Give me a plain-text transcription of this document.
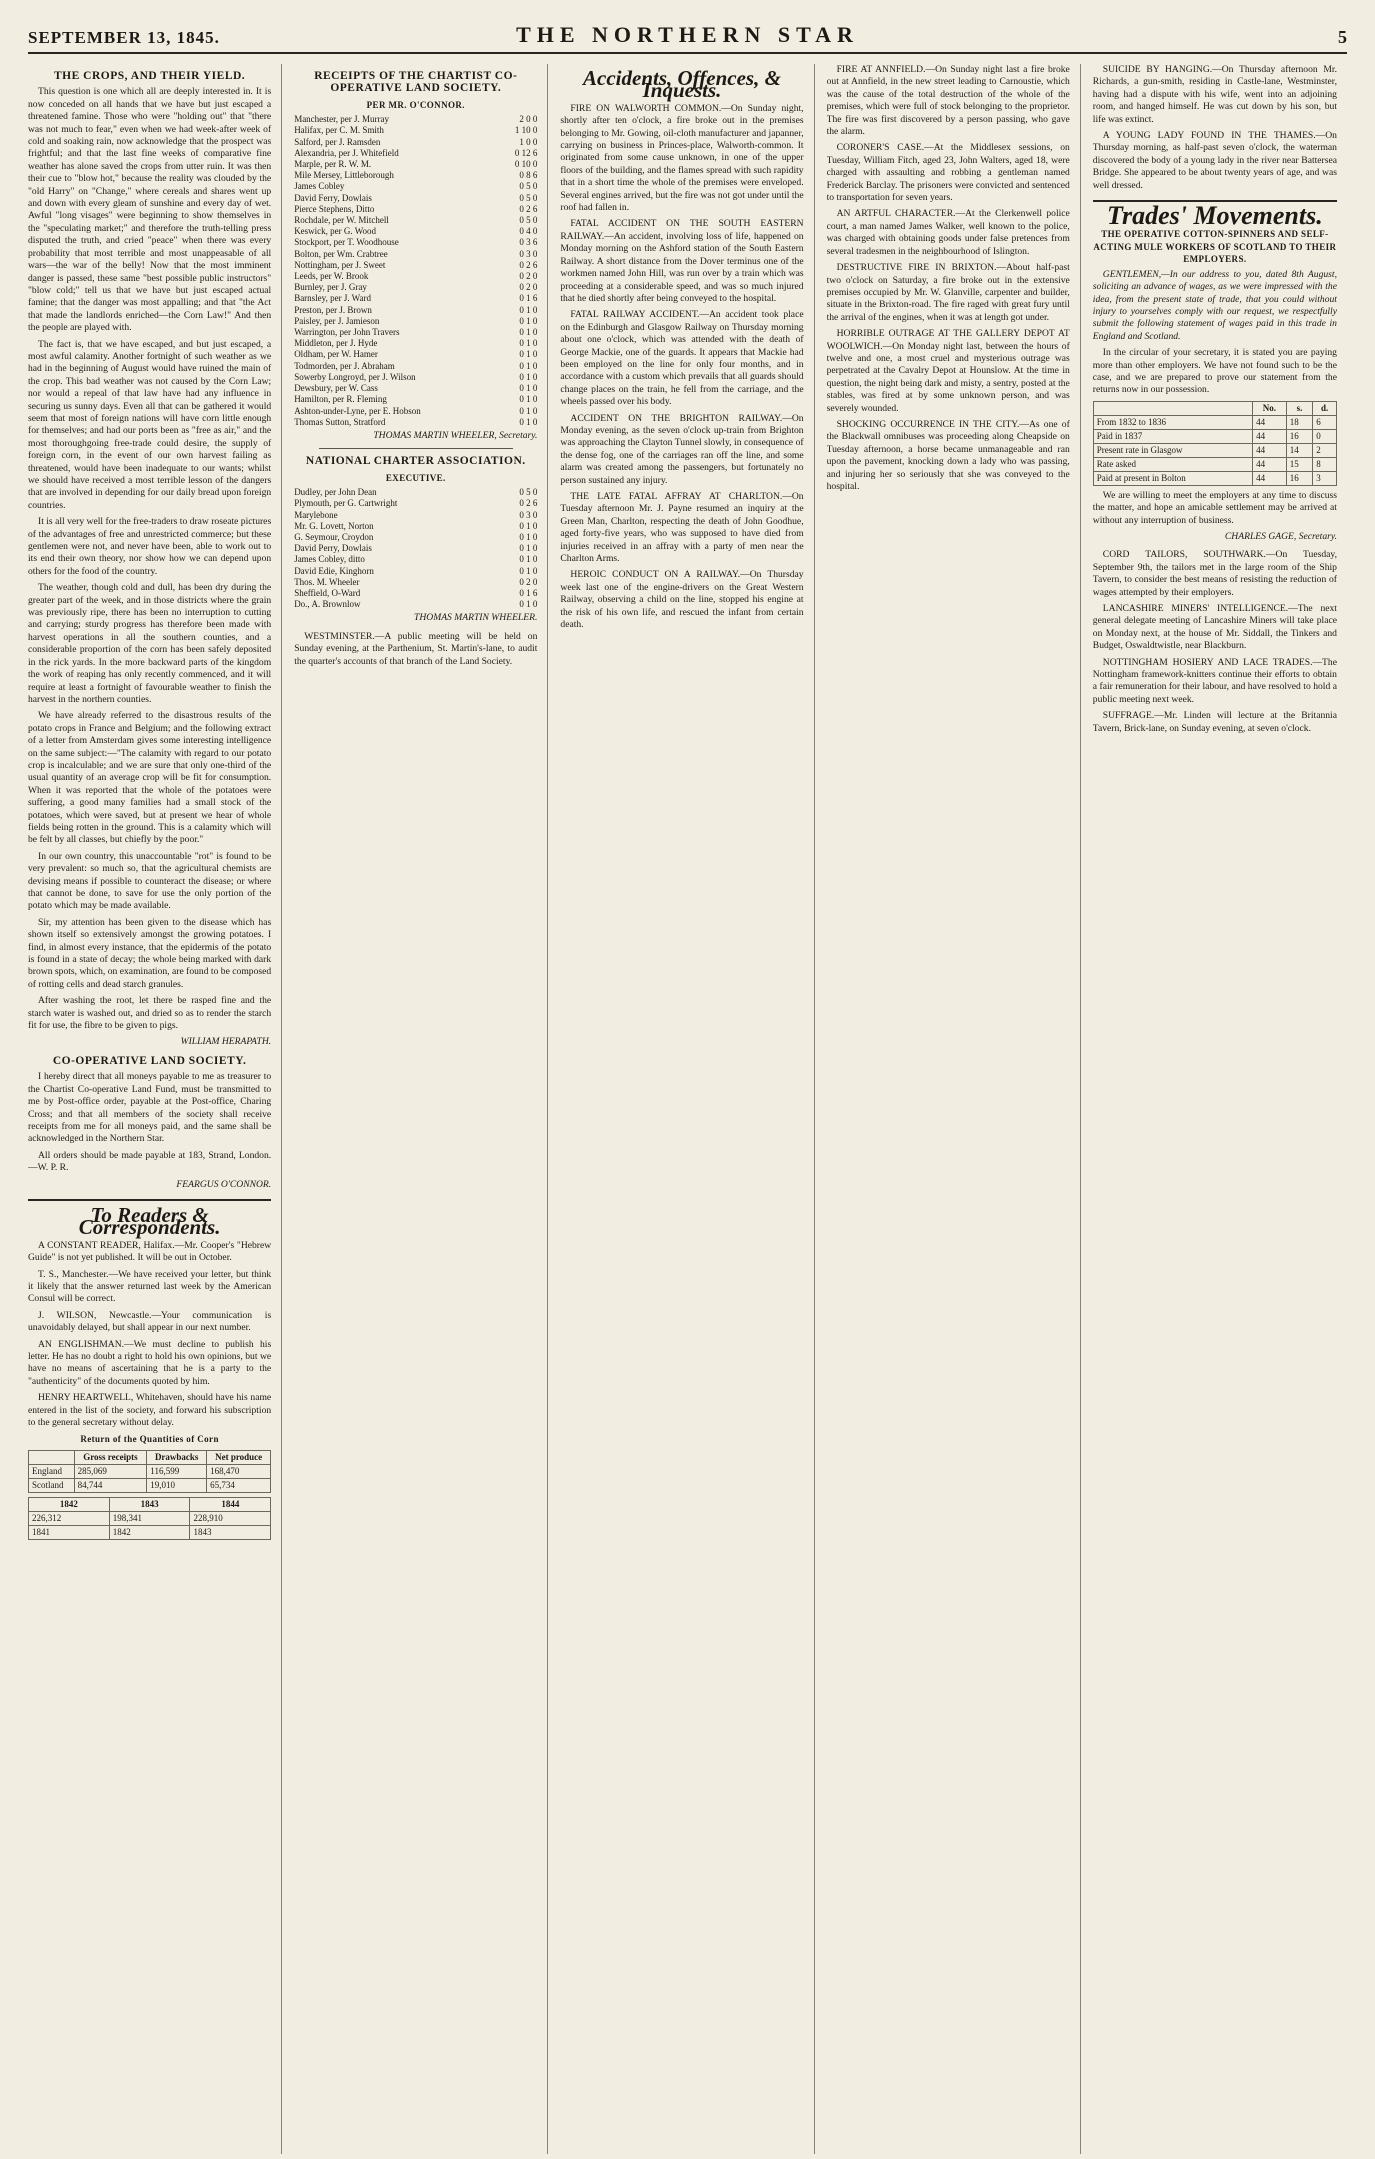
SEPTEMBER 13, 1845.	THE NORTHERN STAR	5
THE CROPS, AND THEIR YIELD.

This question is one which all are deeply interested in. It is now conceded on all hands that we have but just escaped a threatened famine. Those who were "holding out" that "there was not much to fear," even when we had week-after week of cold and soaking rain, now acknowledge that the prospect was frightful; and that the last fine weeks of comparative fine weather has alone saved the crops from utter ruin. It was then their cue to "blow hot," because the reality was clouded by the "old Harry" on "Change," where cereals and shares went up and down with every gleam of sunshine and every day of wet. Awful "long visages" were beginning to show themselves in the "speculating market;" and therefore the truth-telling press disputed the truth, and cried "peace" when there was every probability that most terrible and most unappeasable of all wars—the war of the belly! Now that the most imminent danger is passed, these same "best possible public instructors" "blow cold;" tell us that we have but just escaped actual famine; that the danger was most appalling; and that "the Act that made the landlords enriched—the Corn Law!" And then the people are played with.

The fact is, that we have escaped, and but just escaped, a most awful calamity. Another fortnight of such weather as we had in the beginning of August would have ruined the main of the crop. This bad weather was not caused by the Corn Law; nor would a repeal of that law have had any influence in securing us sunny days. Even all that can be gathered it would seem that most of foreign nations will have corn little enough for themselves; and had our ports been as "free as air," and the most thoroughgoing free-trade could desire, the supply of foreign corn, in the event of our own harvest failing as threatened, would have been inadequate to our wants; whilst we should have received a most terrible lesson of the dangers that are involved in depending for our daily bread upon foreign countries.

It is all very well for the free-traders to draw roseate pictures of the advantages of free and unrestricted commerce; but these gentlemen were not, and never have been, able to work out to its end their own theory, nor show how we can depend upon others for the food of the country.

The weather, though cold and dull, has been dry during the greater part of the week, and in those districts where the grain was previously ripe, there has been no interruption to cutting and carrying; sturdy progress has therefore been made with harvest operations in all the southern counties, and a considerable proportion of the corn has been safely deposited in the rick yards. In the more backward parts of the kingdom the work of reaping has only recently commenced, and it will require at least a fortnight of favourable weather to finish the harvest in the northern counties.

We have already referred to the disastrous results of the potato crops in France and Belgium; and the following extract of a letter from Amsterdam gives some interesting intelligence on the same subject:—"The calamity with regard to our potato crop is incalculable; and we are sure that only one-third of the usual quantity of an average crop will be fit for consumption. When it was reported that the whole of the potatoes were suffering, a good many families had a small stock of the potatoes, which were saved, but at present we hear of whole fields being rotten in the ground. This is a calamity which will be felt by all classes, but chiefly by the poor."

In our own country, this unaccountable "rot" is found to be very prevalent: so much so, that the agricultural chemists are devising means if possible to counteract the disease; or where that cannot be done, to save for use the only portion of the potato which may be made available.

Sir, my attention has been given to the disease which has shown itself so extensively amongst the growing potatoes. I find, in almost every instance, that the epidermis of the potato is found in a state of decay; the whole being marked with dark brown spots, which, on examination, are found to be composed of rotting cells and dead starch granules.

After washing the root, let there be rasped fine and the starch water is washed out, and dried so as to render the starch fit for use, the fibre to be given to pigs.

WILLIAM HERAPATH.
CO-OPERATIVE LAND SOCIETY.

I hereby direct that all moneys payable to me as treasurer to the Chartist Co-operative Land Fund, must be transmitted to me by Post-office order, payable at the Post-office, Charing Cross; and that all members of the society shall receive receipts from me for all moneys paid, and the same shall be acknowledged in the Northern Star.

All orders should be made payable at 183, Strand, London.—W. P. R.

FEARGUS O'CONNOR.
To Readers & Correspondents.

A CONSTANT READER, Halifax.—Mr. Cooper's "Hebrew Guide" is not yet published. It will be out in October.

T. S., Manchester.—We have received your letter, but think it likely that the answer returned last week by the American Consul will be correct.

J. WILSON, Newcastle.—Your communication is unavoidably delayed, but shall appear in our next number.

AN ENGLISHMAN.—We must decline to publish his letter. He has no doubt a right to hold his own opinions, but we have no means of ascertaining that he is a party to the "authenticity" of the documents quoted by him.

HENRY HEARTWELL, Whitehaven, should have his name entered in the list of the society, and forward his subscription to the general secretary without delay.

Return of the Quantities of Corn
	Gross receipts	Drawbacks	Net produce
England	285,069	116,599	168,470
Scotland	84,744	19,010	65,734
1842	1843	1844
226,312	198,341	228,910
1841	1842	1843
RECEIPTS OF THE CHARTIST CO-OPERATIVE LAND SOCIETY.
PER MR. O'CONNOR.
Manchester, per J. Murray	2 0 0
Halifax, per C. M. Smith	1 10 0
Salford, per J. Ramsden	1 0 0
Alexandria, per J. Whitefield	0 12 6
Marple, per R. W. M.	0 10 0
Mile Mersey, Littleborough	0 8 6
James Cobley	0 5 0
David Ferry, Dowlais	0 5 0
Pierce Stephens, Ditto	0 2 6
Rochdale, per W. Mitchell	0 5 0
Keswick, per G. Wood	0 4 0
Stockport, per T. Woodhouse	0 3 6
Bolton, per Wm. Crabtree	0 3 0
Nottingham, per J. Sweet	0 2 6
Leeds, per W. Brook	0 2 0
Burnley, per J. Gray	0 2 0
Barnsley, per J. Ward	0 1 6
Preston, per J. Brown	0 1 0
Paisley, per J. Jamieson	0 1 0
Warrington, per John Travers	0 1 0
Middleton, per J. Hyde	0 1 0
Oldham, per W. Hamer	0 1 0
Todmorden, per J. Abraham	0 1 0
Sowerby Longroyd, per J. Wilson	0 1 0
Dewsbury, per W. Cass	0 1 0
Hamilton, per R. Fleming	0 1 0
Ashton-under-Lyne, per E. Hobson	0 1 0
Thomas Sutton, Stratford	0 1 0
THOMAS MARTIN WHEELER, Secretary.
NATIONAL CHARTER ASSOCIATION.
EXECUTIVE.
Dudley, per John Dean	0 5 0
Plymouth, per G. Cartwright	0 2 6
Marylebone	0 3 0
Mr. G. Lovett, Norton	0 1 0
G. Seymour, Croydon	0 1 0
David Perry, Dowlais	0 1 0
James Cobley, ditto	0 1 0
David Edie, Kinghorn	0 1 0
Thos. M. Wheeler	0 2 0
Sheffield, O-Ward	0 1 6
Do., A. Brownlow	0 1 0
THOMAS MARTIN WHEELER.

WESTMINSTER.—A public meeting will be held on Sunday evening, at the Parthenium, St. Martin's-lane, to audit the quarter's accounts of that branch of the Land Society.

Accidents, Offences, & Inquests.

FIRE ON WALWORTH COMMON.—On Sunday night, shortly after ten o'clock, a fire broke out in the premises belonging to Mr. Gowing, oil-cloth manufacturer and japanner, carrying on business in Princes-place, Walworth-common. It originated from some cause unknown, in one of the upper floors of the building, and the flames spread with such rapidity that in a short time the whole of the premises were enveloped. Several engines arrived, but the fire was not got under until the roof had fallen in.

FATAL ACCIDENT ON THE SOUTH EASTERN RAILWAY.—An accident, involving loss of life, happened on Monday morning on the Ashford station of the South Eastern Railway. A short distance from the Dover terminus one of the workmen named John Hill, was run over by a train which was proceeding at a considerable speed, and was so much injured that he died shortly after being conveyed to the hospital.

FATAL RAILWAY ACCIDENT.—An accident took place on the Edinburgh and Glasgow Railway on Thursday morning about one o'clock, which was attended with the death of George Mackie, one of the guards. It appears that Mackie had been employed on the line for only four months, and in accordance with a custom which prevails that all guards should change places on the train, he fell from the carriage, and the wheels passed over his body.

ACCIDENT ON THE BRIGHTON RAILWAY.—On Monday evening, as the seven o'clock up-train from Brighton was approaching the Clayton Tunnel slowly, in consequence of the dense fog, one of the carriages ran off the line, and some alarm was created among the passengers, but fortunately no person sustained any injury.

THE LATE FATAL AFFRAY AT CHARLTON.—On Tuesday afternoon Mr. J. Payne resumed an inquiry at the Green Man, Charlton, respecting the death of John Goodhue, aged forty-five years, who was supposed to have died from injuries received in an affray with a party of men near the Charlton Arms.

HEROIC CONDUCT ON A RAILWAY.—On Thursday week last one of the engine-drivers on the Great Western Railway, observing a child on the line, stopped his engine at the risk of his own life, and rescued the infant from certain death.

FIRE AT ANNFIELD.—On Sunday night last a fire broke out at Annfield, in the new street leading to Carnoustie, which was the cause of the total destruction of the whole of the premises, which were full of stock belonging to the proprietor. The fire was first discovered by a person passing, who gave the alarm.

CORONER'S CASE.—At the Middlesex sessions, on Tuesday, William Fitch, aged 23, John Walters, aged 18, were charged with assaulting and robbing a gentleman named Frederick Barclay. The prisoners were convicted and sentenced to transportation for seven years.

AN ARTFUL CHARACTER.—At the Clerkenwell police court, a man named James Walker, well known to the police, was charged with obtaining goods under false pretences from several tradesmen in the neighbourhood of Islington.

DESTRUCTIVE FIRE IN BRIXTON.—About half-past two o'clock on Saturday, a fire broke out in the extensive premises occupied by Mr. W. Glanville, carpenter and builder, situate in the Brixton-road. The fire raged with great fury until the arrival of the engines, when it was at length got under.

HORRIBLE OUTRAGE AT THE GALLERY DEPOT AT WOOLWICH.—On Monday night last, between the hours of twelve and one, a most cruel and mysterious outrage was perpetrated at the Cavalry Depot at Hounslow. At the time in question, the night being dark and misty, a sentry, posted at the stables, was fired at by some unknown person, and was severely wounded.

SHOCKING OCCURRENCE IN THE CITY.—As one of the Blackwall omnibuses was proceeding along Cheapside on Tuesday afternoon, a horse became unmanageable and ran upon the pavement, knocking down a lady who was passing, and injuring her so seriously that she was conveyed to the hospital.

SUICIDE BY HANGING.—On Thursday afternoon Mr. Richards, a gun-smith, residing in Castle-lane, Westminster, having had a dispute with his wife, went into an adjoining room, and hanged himself. He was cut down by his son, but life was extinct.

A YOUNG LADY FOUND IN THE THAMES.—On Thursday morning, as half-past seven o'clock, the waterman discovered the body of a young lady in the river near Battersea Bridge. She appeared to be about twenty years of age, and was well dressed.

Trades' Movements.
THE OPERATIVE COTTON-SPINNERS AND SELF-ACTING MULE WORKERS OF SCOTLAND TO THEIR EMPLOYERS.

GENTLEMEN,—In our address to you, dated 8th August, soliciting an advance of wages, as we were impressed with the idea, from the present state of trade, that you could without injury to yourselves comply with our request, we respectfully submit the following statement of wages paid in this trade in England and Scotland.

In the circular of your secretary, it is stated you are paying more than other employers. We have not found such to be the case, and we are prepared to prove our statement from the returns now in our possession.

	No.	s.	d.
From 1832 to 1836	44	18	6
Paid in 1837	44	16	0
Present rate in Glasgow	44	14	2
Rate asked	44	15	8
Paid at present in Bolton	44	16	3

We are willing to meet the employers at any time to discuss the matter, and hope an amicable settlement may be arrived at without any interruption of business.

CHARLES GAGE, Secretary.

CORD TAILORS, SOUTHWARK.—On Tuesday, September 9th, the tailors met in the large room of the Ship Tavern, to consider the best means of resisting the reduction of wages attempted by their employers.

LANCASHIRE MINERS' INTELLIGENCE.—The next general delegate meeting of Lancashire Miners will take place on Monday next, at the house of Mr. Siddall, the Tinkers and Budget, Oswaldtwistle, near Blackburn.

NOTTINGHAM HOSIERY AND LACE TRADES.—The Nottingham framework-knitters continue their efforts to obtain a fair remuneration for their labour, and have resolved to hold a public meeting next week.

SUFFRAGE.—Mr. Linden will lecture at the Britannia Tavern, Brick-lane, on Sunday evening, at seven o'clock.
